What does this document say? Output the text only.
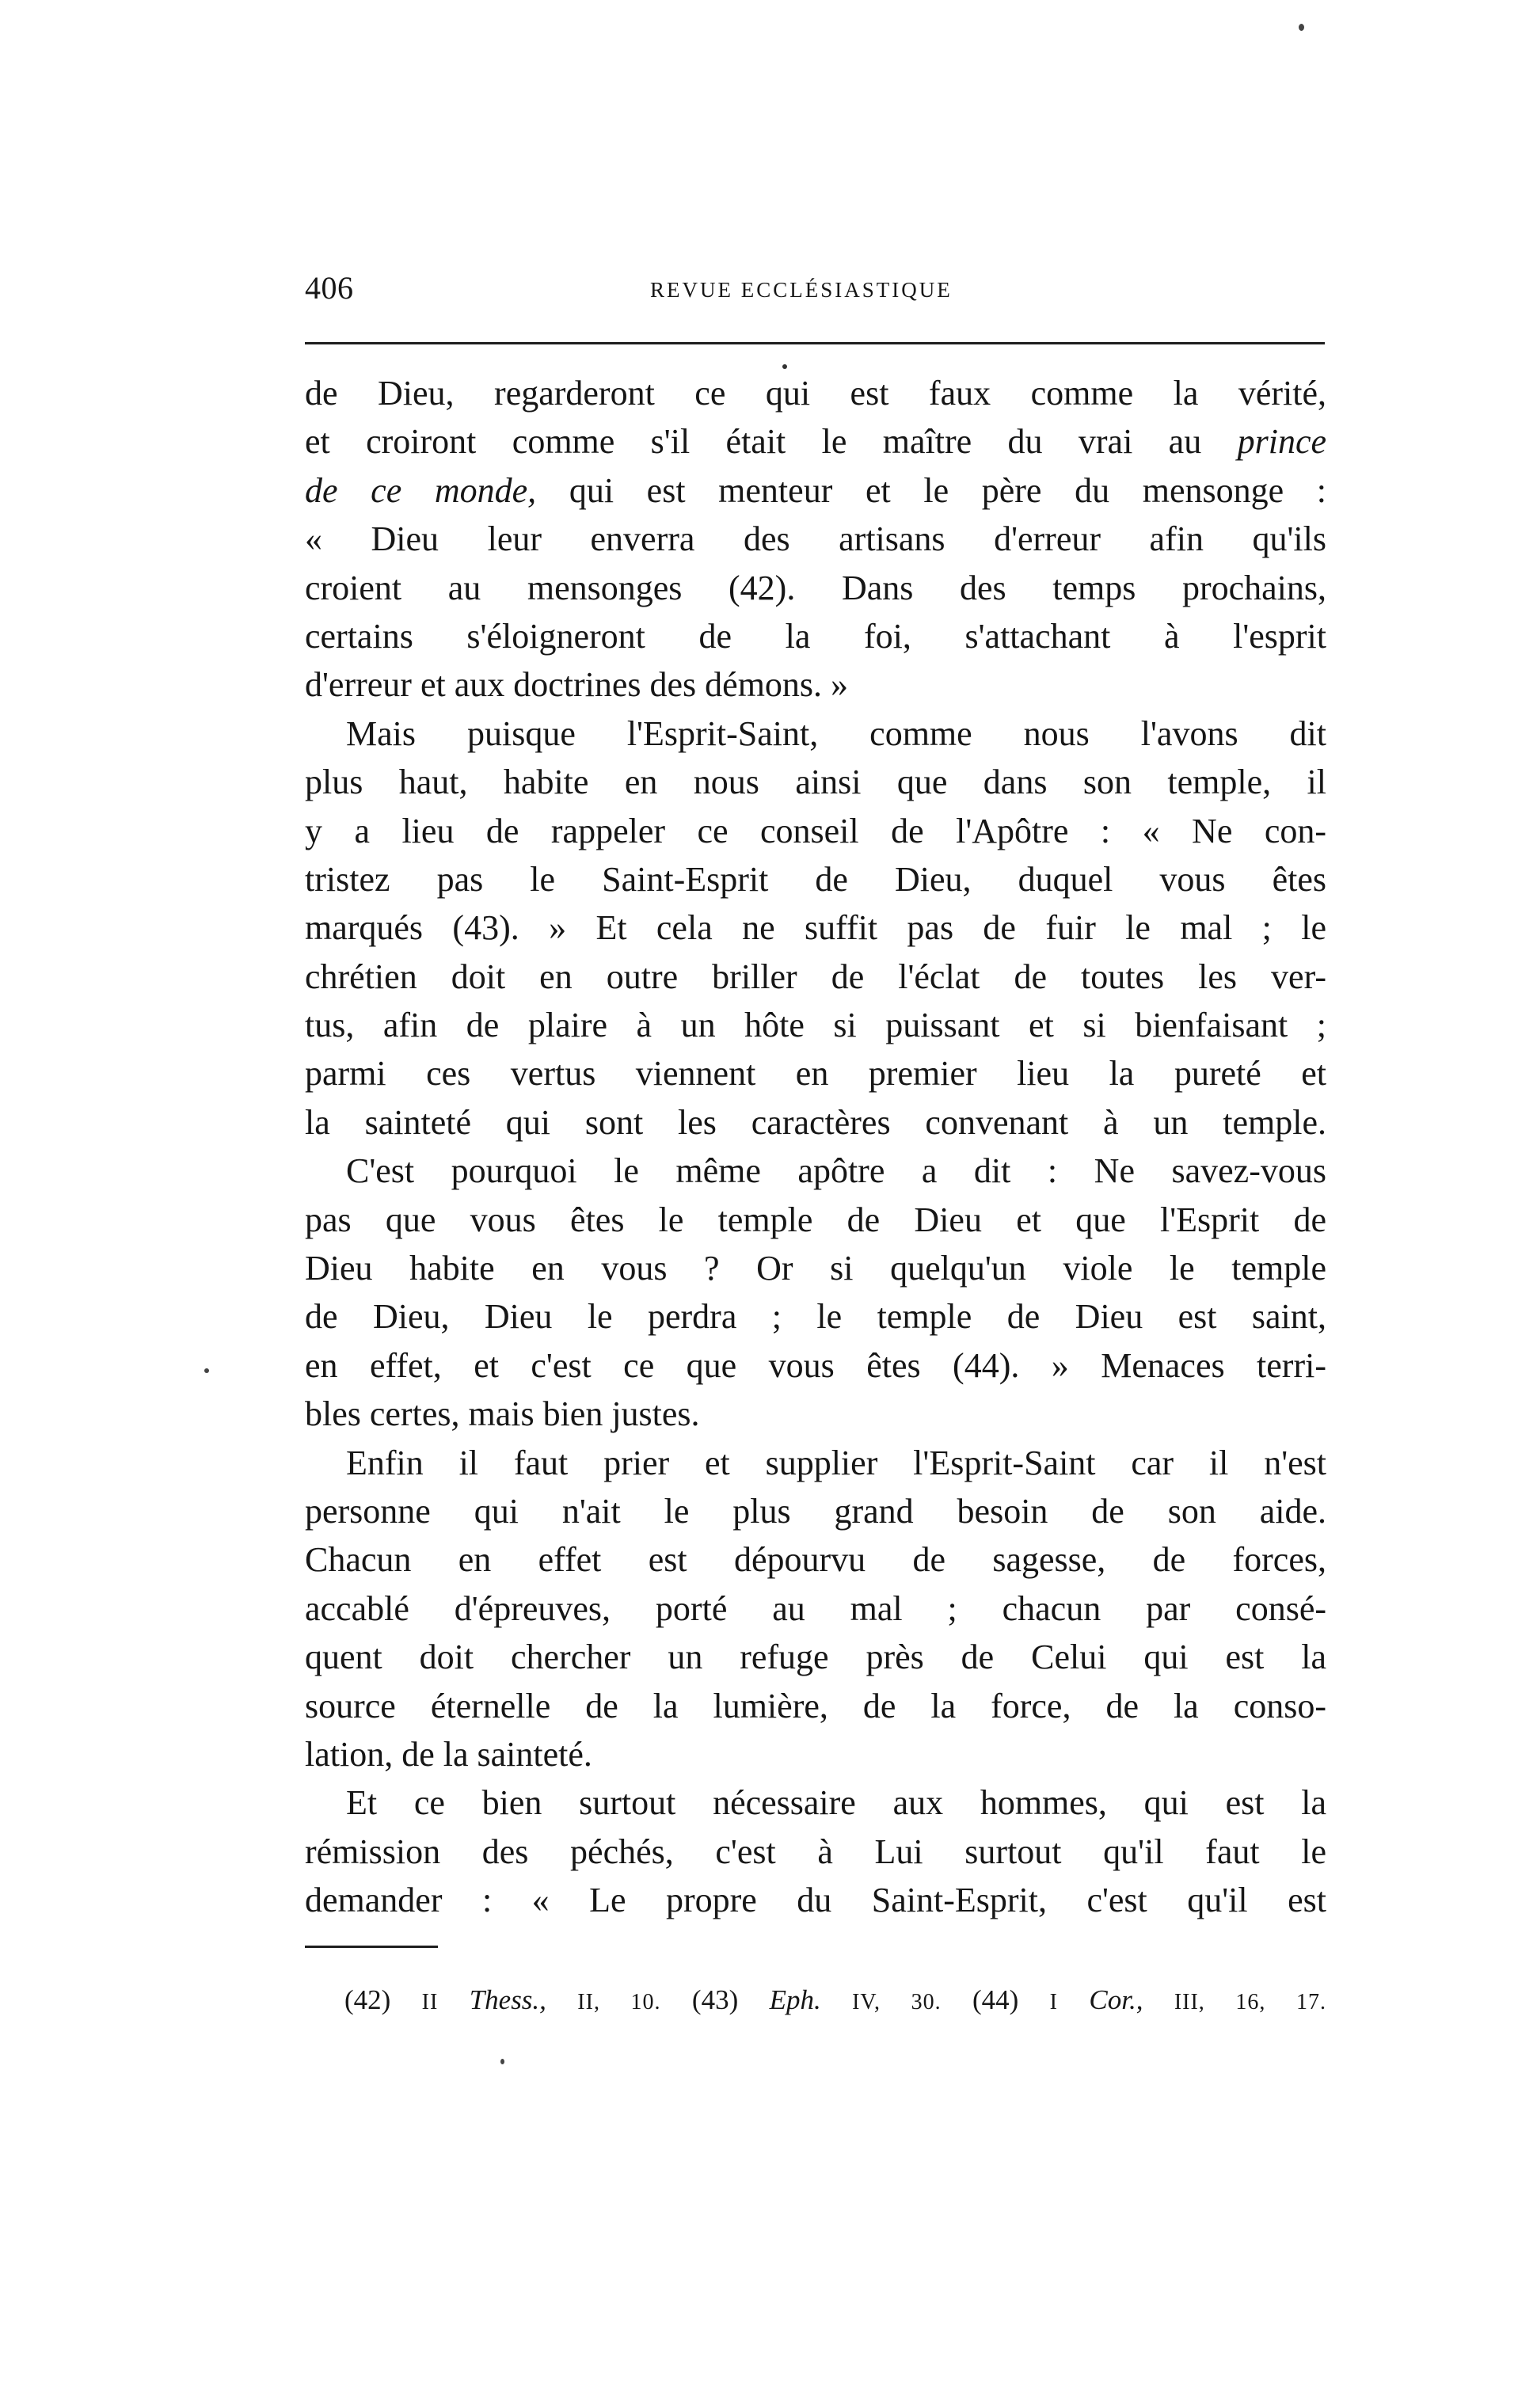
406	REVUE ECCLÉSIASTIQUE
de Dieu, regarderont ce qui est faux comme la vérité,
et croiront comme s'il était le maître du vrai au prince
de ce monde, qui est menteur et le père du mensonge :
« Dieu leur enverra des artisans d'erreur afin qu'ils
croient au mensonges (42). Dans des temps prochains,
certains s'éloigneront de la foi, s'attachant à l'esprit
d'erreur et aux doctrines des démons. »
Mais puisque l'Esprit-Saint, comme nous l'avons dit
plus haut, habite en nous ainsi que dans son temple, il
y a lieu de rappeler ce conseil de l'Apôtre : « Ne con-
tristez pas le Saint-Esprit de Dieu, duquel vous êtes
marqués (43). » Et cela ne suffit pas de fuir le mal ; le
chrétien doit en outre briller de l'éclat de toutes les ver-
tus, afin de plaire à un hôte si puissant et si bienfaisant ;
parmi ces vertus viennent en premier lieu la pureté et
la sainteté qui sont les caractères convenant à un temple.
C'est pourquoi le même apôtre a dit : Ne savez-vous
pas que vous êtes le temple de Dieu et que l'Esprit de
Dieu habite en vous ? Or si quelqu'un viole le temple
de Dieu, Dieu le perdra ; le temple de Dieu est saint,
en effet, et c'est ce que vous êtes (44). » Menaces terri-
bles certes, mais bien justes.
Enfin il faut prier et supplier l'Esprit-Saint car il n'est
personne qui n'ait le plus grand besoin de son aide.
Chacun en effet est dépourvu de sagesse, de forces,
accablé d'épreuves, porté au mal ; chacun par consé-
quent doit chercher un refuge près de Celui qui est la
source éternelle de la lumière, de la force, de la conso-
lation, de la sainteté.
Et ce bien surtout nécessaire aux hommes, qui est la
rémission des péchés, c'est à Lui surtout qu'il faut le
demander : « Le propre du Saint-Esprit, c'est qu'il est
(42) II Thess., II, 10. (43) Eph. IV, 30. (44) I Cor., III, 16, 17.
